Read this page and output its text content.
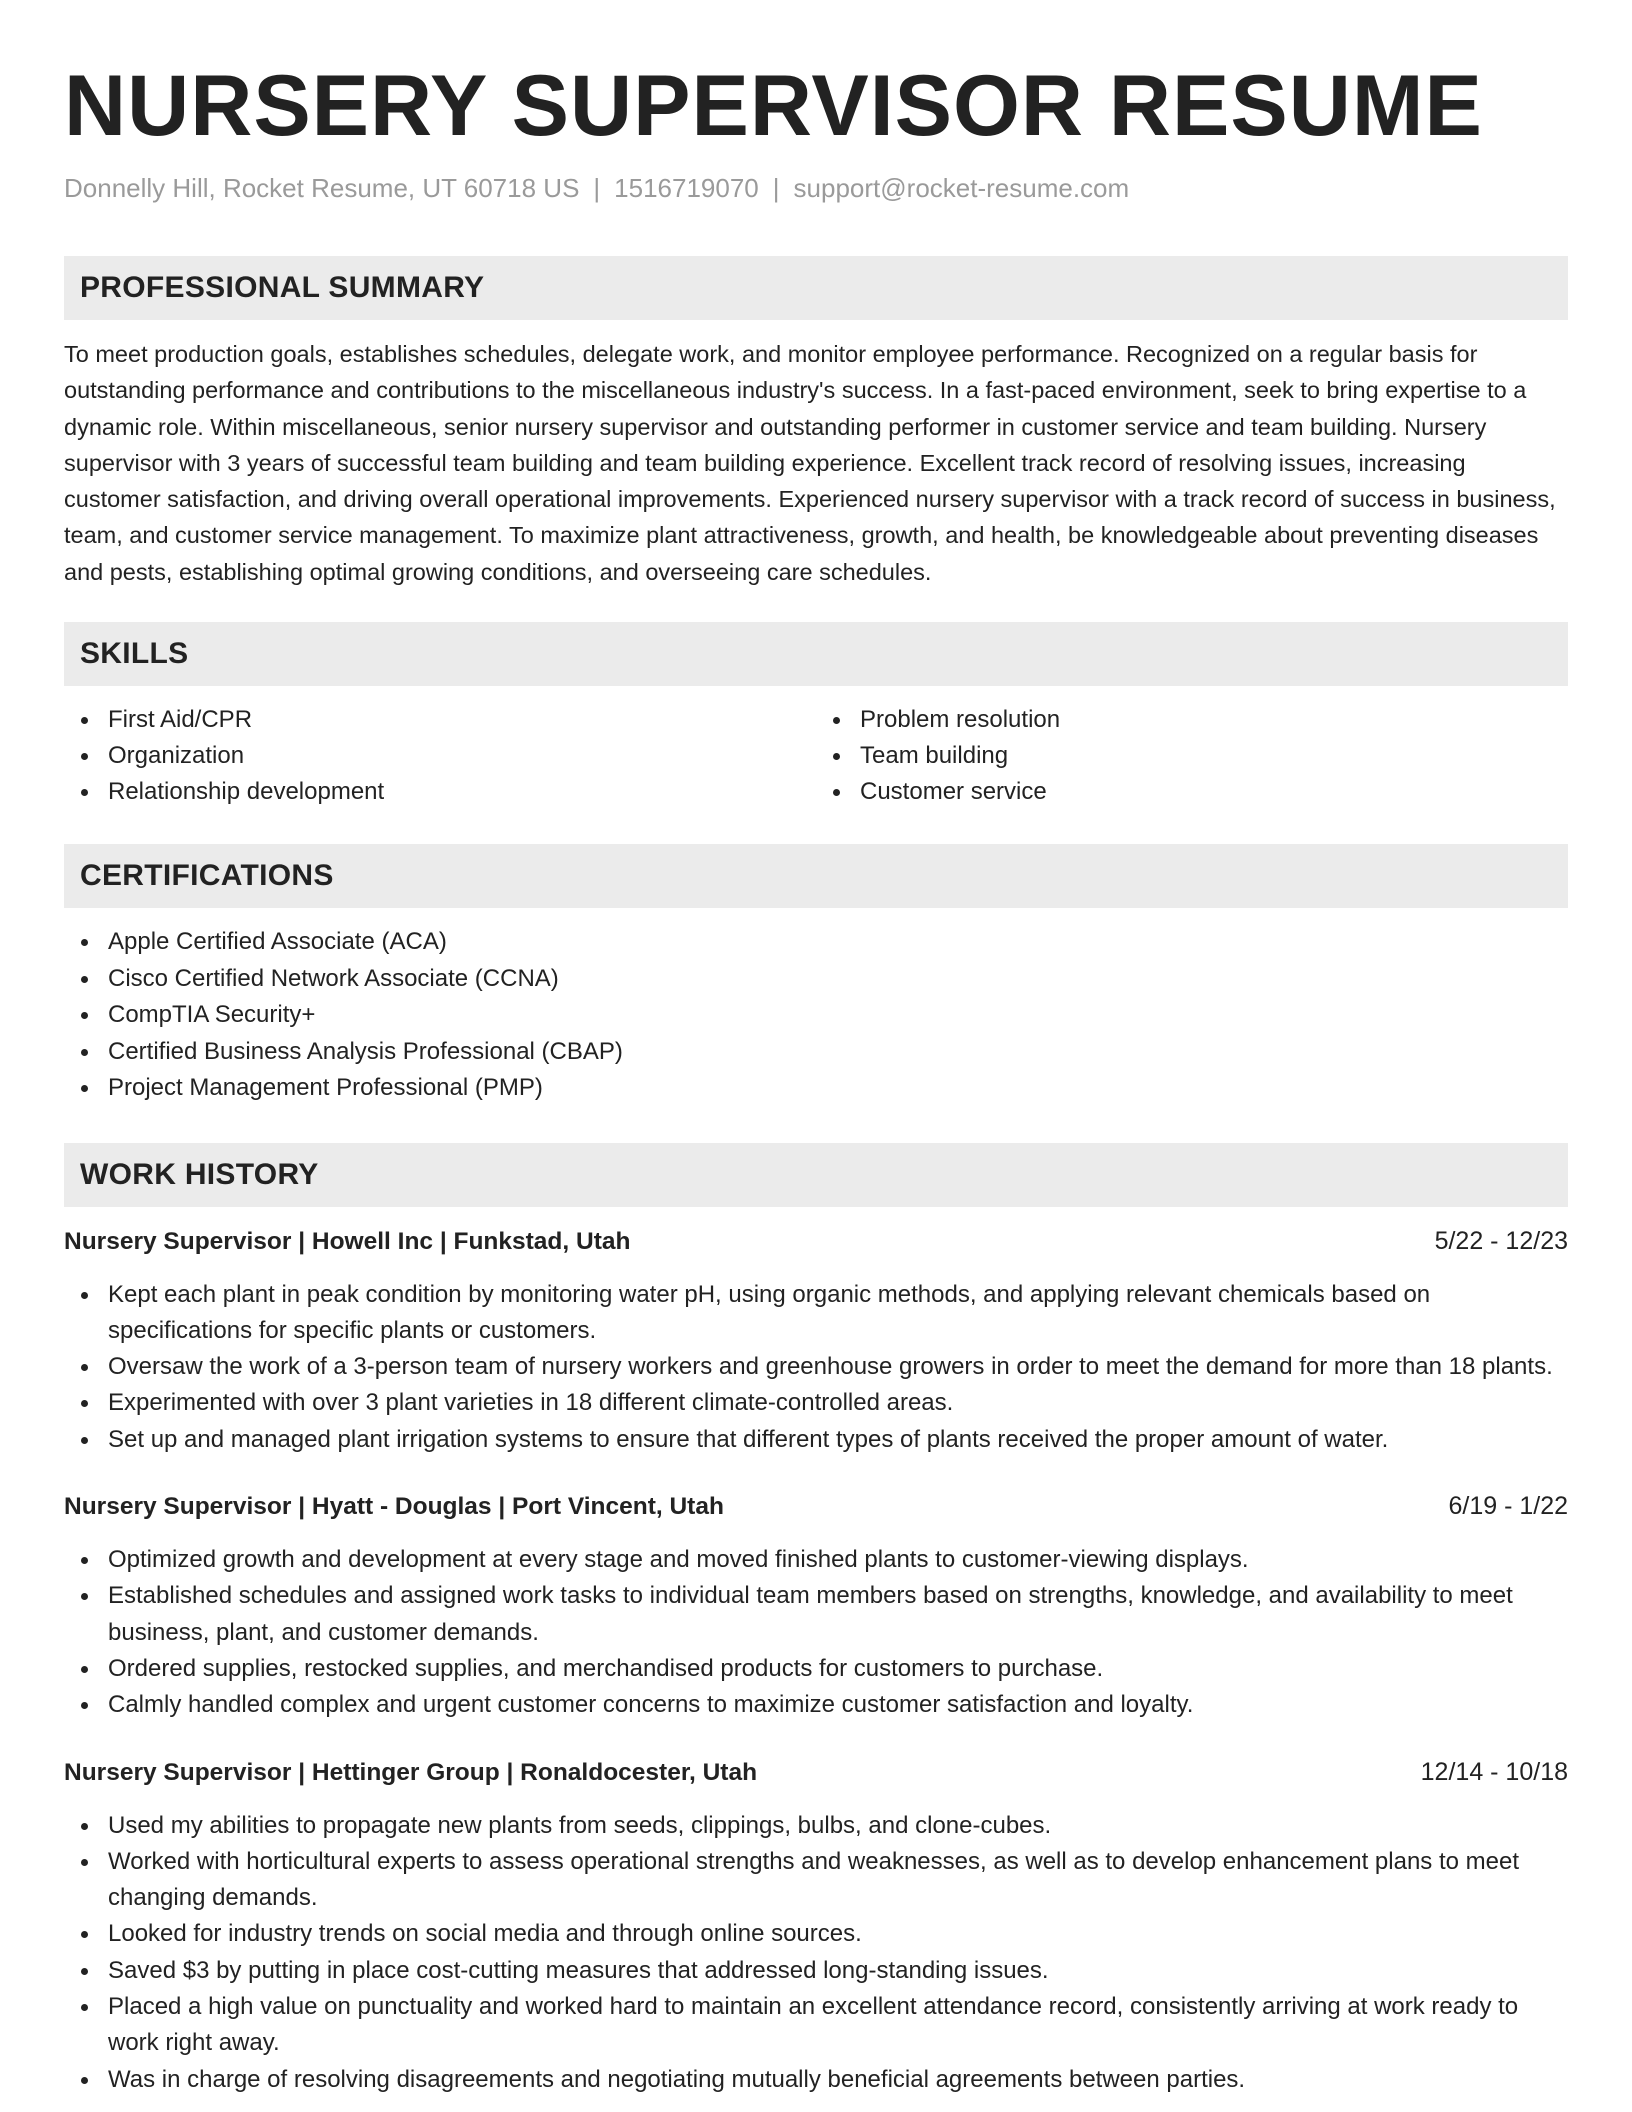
NURSERY SUPERVISOR RESUME
Donnelly Hill, Rocket Resume, UT 60718 US | 1516719070 | support@rocket-resume.com
PROFESSIONAL SUMMARY

To meet production goals, establishes schedules, delegate work, and monitor employee performance. Recognized on a regular basis for outstanding performance and contributions to the miscellaneous industry's success. In a fast-paced environment, seek to bring expertise to a dynamic role. Within miscellaneous, senior nursery supervisor and outstanding performer in customer service and team building. Nursery supervisor with 3 years of successful team building and team building experience. Excellent track record of resolving issues, increasing customer satisfaction, and driving overall operational improvements. Experienced nursery supervisor with a track record of success in business, team, and customer service management. To maximize plant attractiveness, growth, and health, be knowledgeable about preventing diseases and pests, establishing optimal growing conditions, and overseeing care schedules.

SKILLS
First Aid/CPR
Organization
Relationship development
Problem resolution
Team building
Customer service
CERTIFICATIONS
Apple Certified Associate (ACA)
Cisco Certified Network Associate (CCNA)
CompTIA Security+
Certified Business Analysis Professional (CBAP)
Project Management Professional (PMP)
WORK HISTORY
Nursery Supervisor | Howell Inc | Funkstad, Utah	5/22 - 12/23
Kept each plant in peak condition by monitoring water pH, using organic methods, and applying relevant chemicals based on specifications for specific plants or customers.
Oversaw the work of a 3-person team of nursery workers and greenhouse growers in order to meet the demand for more than 18 plants.
Experimented with over 3 plant varieties in 18 different climate-controlled areas.
Set up and managed plant irrigation systems to ensure that different types of plants received the proper amount of water.
Nursery Supervisor | Hyatt - Douglas | Port Vincent, Utah	6/19 - 1/22
Optimized growth and development at every stage and moved finished plants to customer-viewing displays.
Established schedules and assigned work tasks to individual team members based on strengths, knowledge, and availability to meet business, plant, and customer demands.
Ordered supplies, restocked supplies, and merchandised products for customers to purchase.
Calmly handled complex and urgent customer concerns to maximize customer satisfaction and loyalty.
Nursery Supervisor | Hettinger Group | Ronaldocester, Utah	12/14 - 10/18
Used my abilities to propagate new plants from seeds, clippings, bulbs, and clone-cubes.
Worked with horticultural experts to assess operational strengths and weaknesses, as well as to develop enhancement plans to meet changing demands.
Looked for industry trends on social media and through online sources.
Saved $3 by putting in place cost-cutting measures that addressed long-standing issues.
Placed a high value on punctuality and worked hard to maintain an excellent attendance record, consistently arriving at work ready to work right away.
Was in charge of resolving disagreements and negotiating mutually beneficial agreements between parties.
